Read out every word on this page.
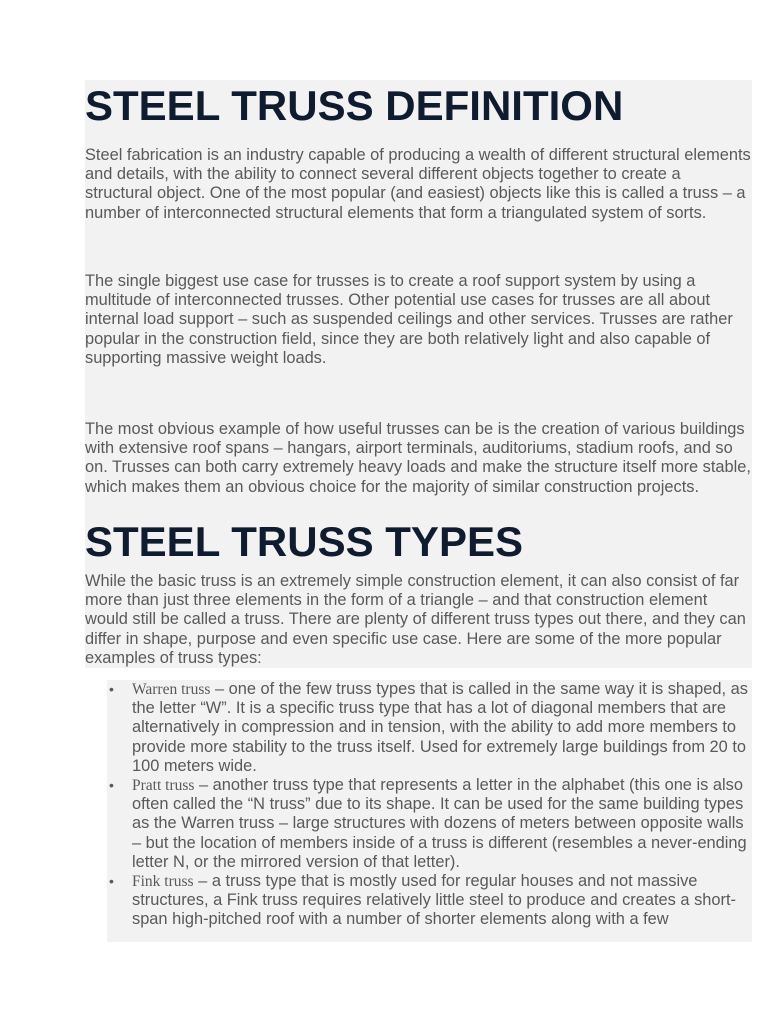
STEEL TRUSS DEFINITION

Steel fabrication is an industry capable of producing a wealth of different structural elements and details, with the ability to connect several different objects together to create a structural object. One of the most popular (and easiest) objects like this is called a truss – a number of interconnected structural elements that form a triangulated system of sorts.

The single biggest use case for trusses is to create a roof support system by using a multitude of interconnected trusses. Other potential use cases for trusses are all about internal load support – such as suspended ceilings and other services. Trusses are rather popular in the construction field, since they are both relatively light and also capable of supporting massive weight loads.

The most obvious example of how useful trusses can be is the creation of various buildings with extensive roof spans – hangars, airport terminals, auditoriums, stadium roofs, and so on. Trusses can both carry extremely heavy loads and make the structure itself more stable, which makes them an obvious choice for the majority of similar construction projects.

STEEL TRUSS TYPES

While the basic truss is an extremely simple construction element, it can also consist of far more than just three elements in the form of a triangle – and that construction element would still be called a truss. There are plenty of different truss types out there, and they can differ in shape, purpose and even specific use case. Here are some of the more popular examples of truss types:

• Warren truss – one of the few truss types that is called in the same way it is shaped, as the letter “W”. It is a specific truss type that has a lot of diagonal members that are alternatively in compression and in tension, with the ability to add more members to provide more stability to the truss itself. Used for extremely large buildings from 20 to 100 meters wide.
• Pratt truss – another truss type that represents a letter in the alphabet (this one is also often called the “N truss” due to its shape. It can be used for the same building types as the Warren truss – large structures with dozens of meters between opposite walls – but the location of members inside of a truss is different (resembles a never-ending letter N, or the mirrored version of that letter).
• Fink truss – a truss type that is mostly used for regular houses and not massive structures, a Fink truss requires relatively little steel to produce and creates a short-span high-pitched roof with a number of shorter elements along with a few
